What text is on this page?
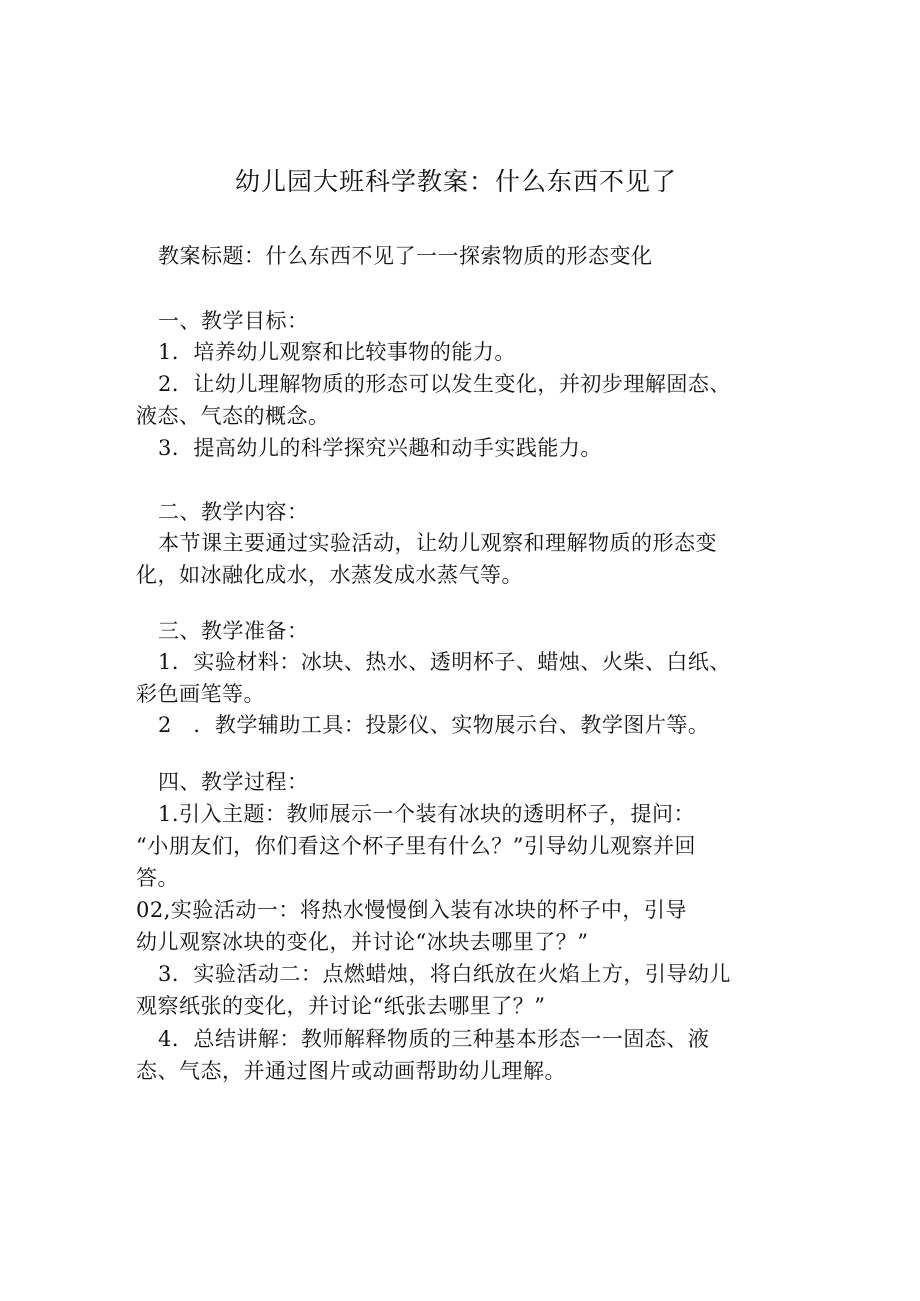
幼儿园大班科学教案：什么东西不见了
教案标题：什么东西不见了一一探索物质的形态变化
一、教学目标：
1．培养幼儿观察和比较事物的能力。
2．让幼儿理解物质的形态可以发生变化，并初步理解固态、
液态、气态的概念。
3．提高幼儿的科学探究兴趣和动手实践能力。
二、教学内容：
本节课主要通过实验活动，让幼儿观察和理解物质的形态变
化，如冰融化成水，水蒸发成水蒸气等。
三、教学准备：
1．实验材料：冰块、热水、透明杯子、蜡烛、火柴、白纸、
彩色画笔等。
2　．教学辅助工具：投影仪、实物展示台、教学图片等。
四、教学过程：
1.引入主题：教师展示一个装有冰块的透明杯子，提问：
“小朋友们，你们看这个杯子里有什么？”引导幼儿观察并回
答。
02,实验活动一：将热水慢慢倒入装有冰块的杯子中，引导
幼儿观察冰块的变化，并讨论“冰块去哪里了？”
3．实验活动二：点燃蜡烛，将白纸放在火焰上方，引导幼儿
观察纸张的变化，并讨论“纸张去哪里了？”
4．总结讲解：教师解释物质的三种基本形态一一固态、液
态、气态，并通过图片或动画帮助幼儿理解。
